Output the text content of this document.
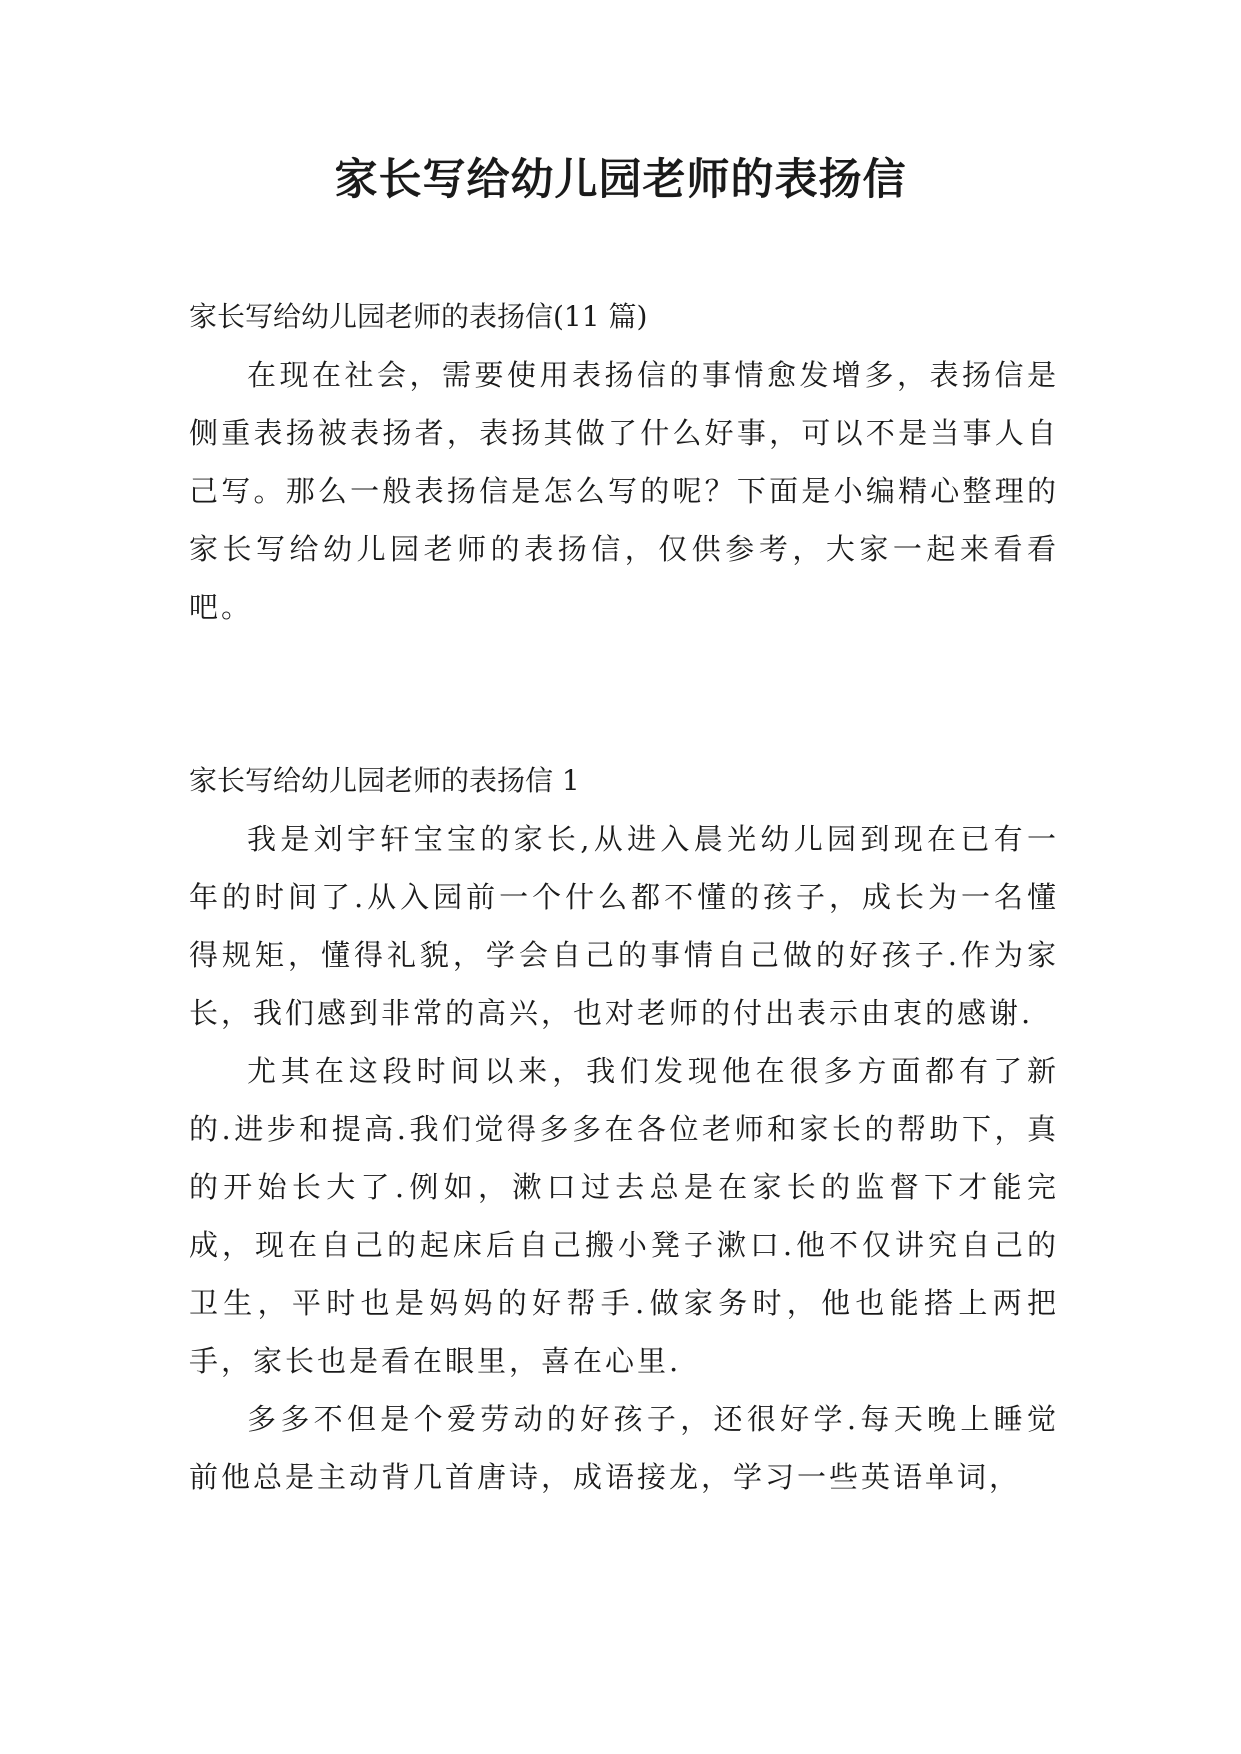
家长写给幼儿园老师的表扬信

家长写给幼儿园老师的表扬信(11 篇)

在现在社会，需要使用表扬信的事情愈发增多，表扬信是侧重表扬被表扬者，表扬其做了什么好事，可以不是当事人自己写。那么一般表扬信是怎么写的呢？下面是小编精心整理的家长写给幼儿园老师的表扬信，仅供参考，大家一起来看看吧。

家长写给幼儿园老师的表扬信 1

我是刘宇轩宝宝的家长,从进入晨光幼儿园到现在已有一年的时间了.从入园前一个什么都不懂的孩子，成长为一名懂得规矩，懂得礼貌，学会自己的事情自己做的好孩子.作为家长，我们感到非常的高兴，也对老师的付出表示由衷的感谢.

尤其在这段时间以来，我们发现他在很多方面都有了新的.进步和提高.我们觉得多多在各位老师和家长的帮助下，真的开始长大了.例如，漱口过去总是在家长的监督下才能完成，现在自己的起床后自己搬小凳子漱口.他不仅讲究自己的卫生，平时也是妈妈的好帮手.做家务时，他也能搭上两把手，家长也是看在眼里，喜在心里.

多多不但是个爱劳动的好孩子，还很好学.每天晚上睡觉前他总是主动背几首唐诗，成语接龙，学习一些英语单词，
